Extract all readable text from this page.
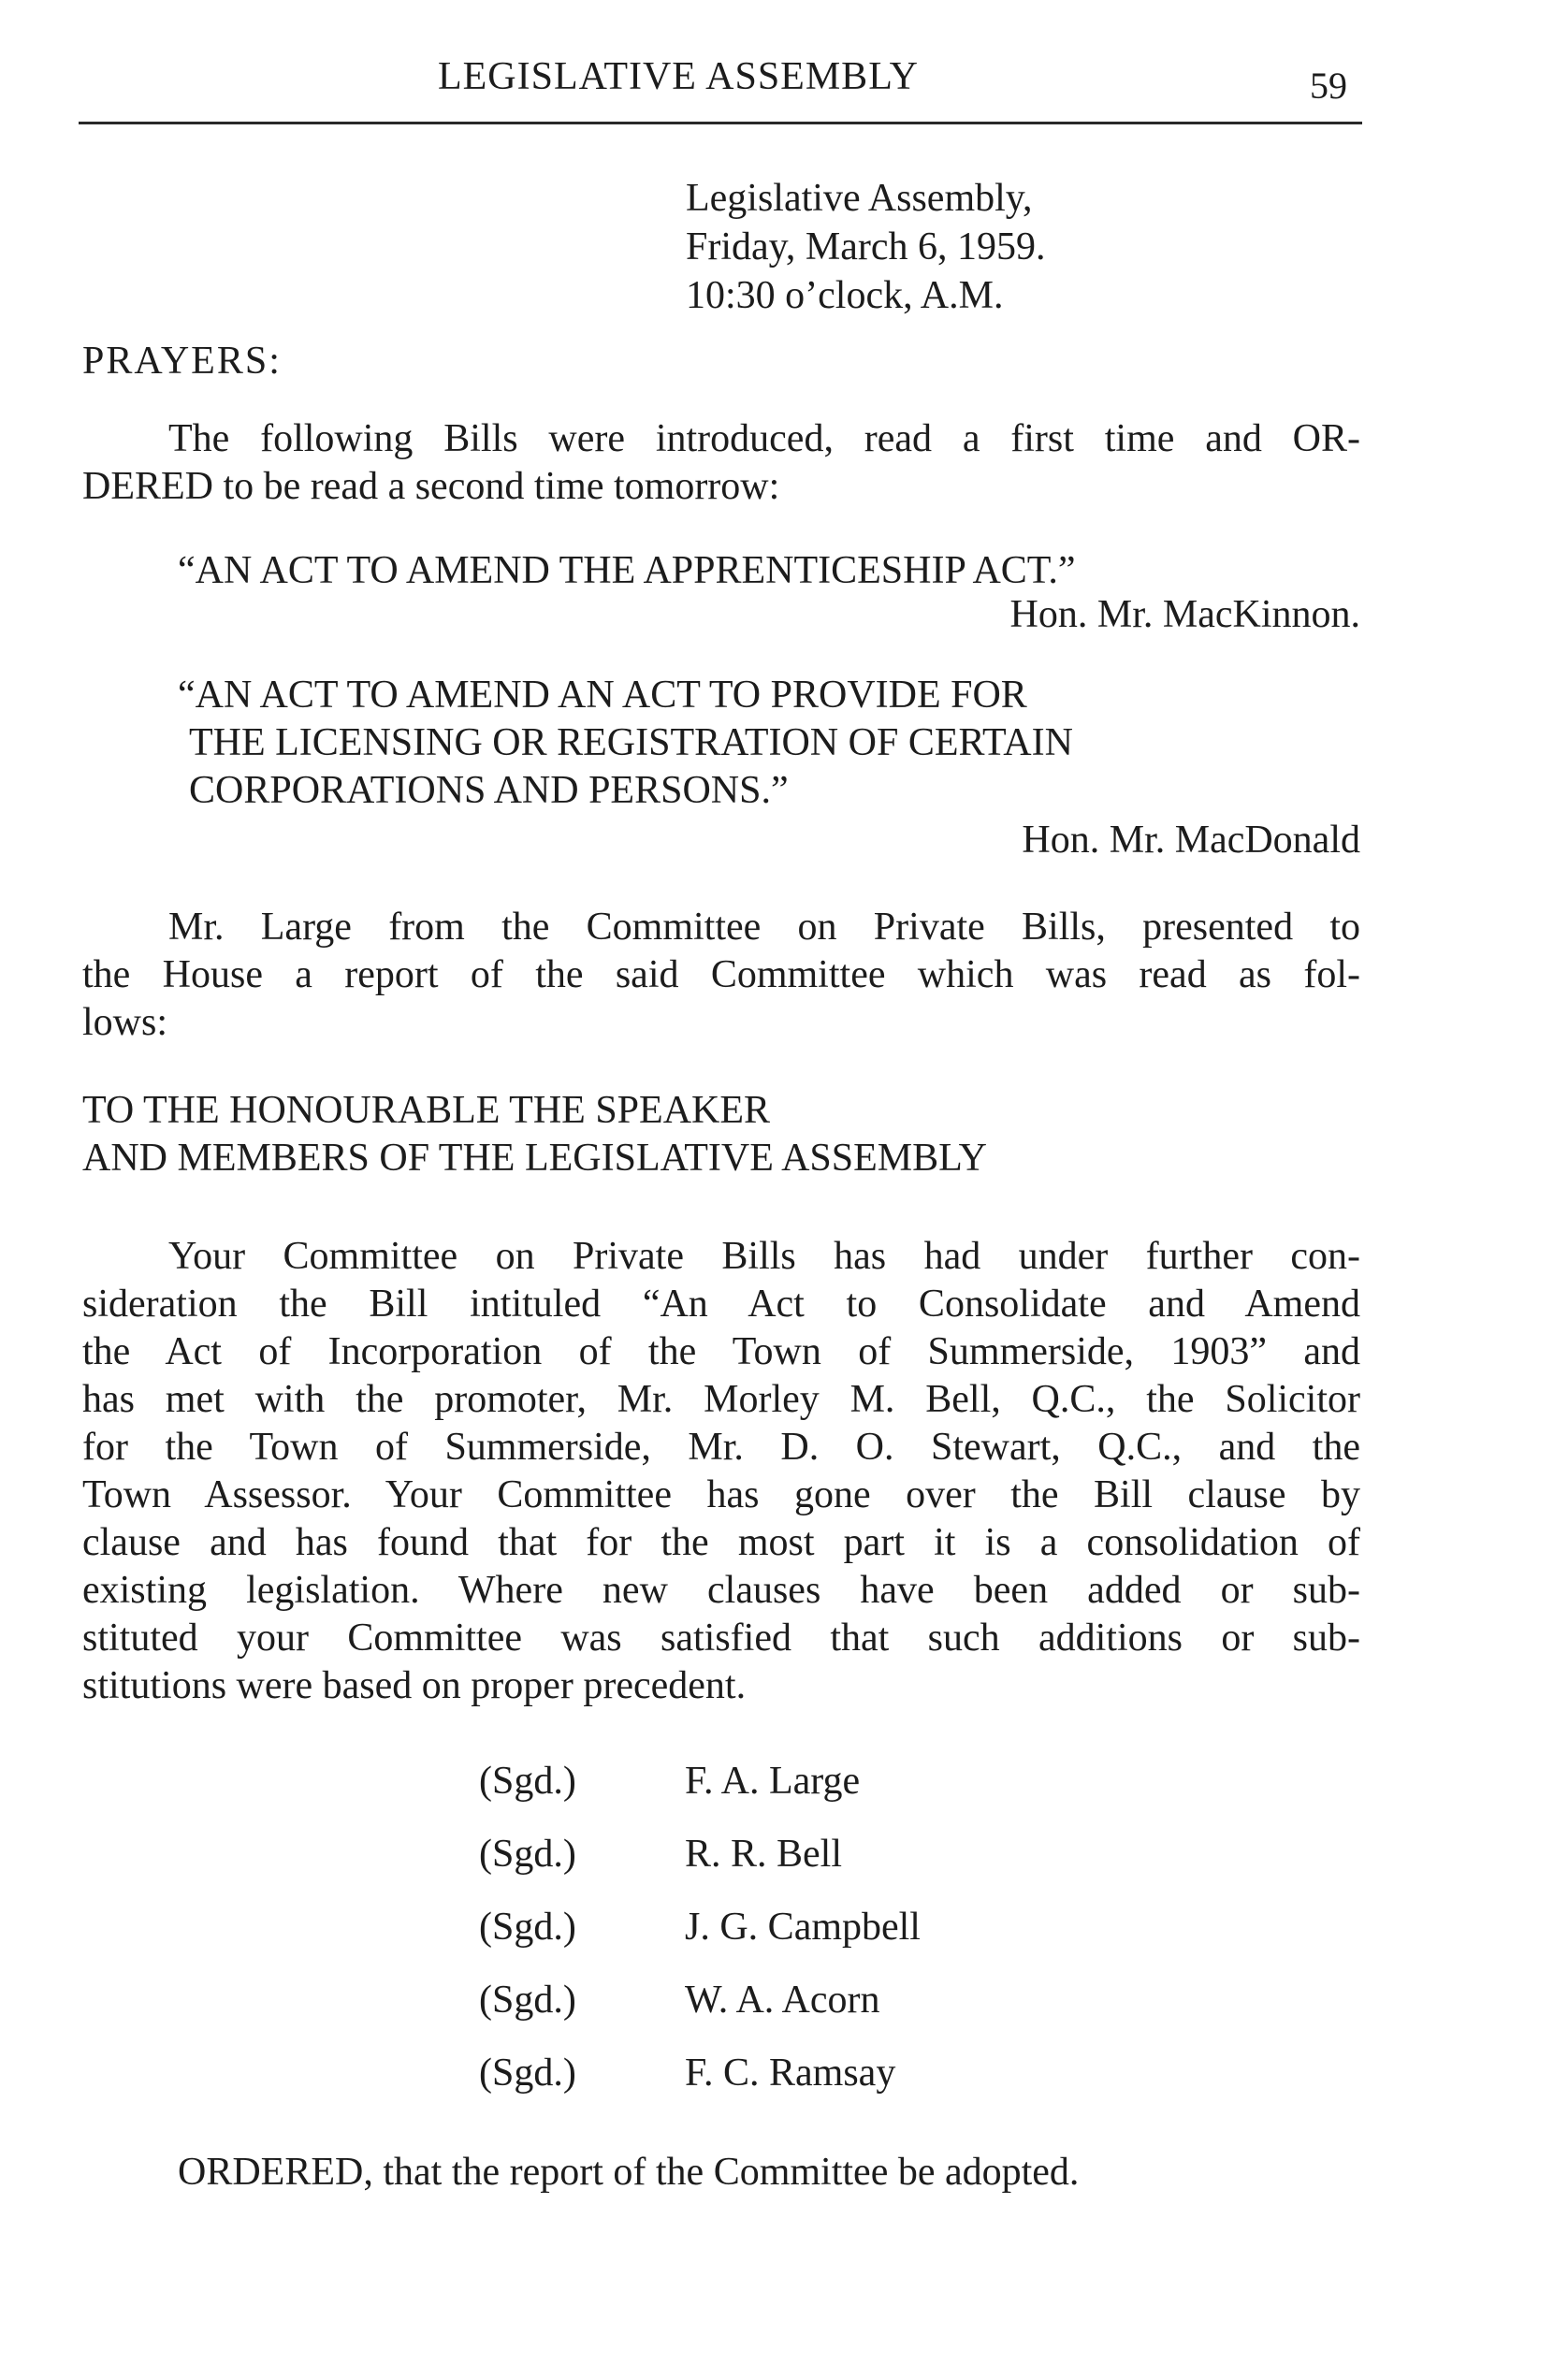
LEGISLATIVE ASSEMBLY	59
Legislative Assembly,
Friday, March 6, 1959.
10:30 o’clock, A.M.
PRAYERS:
The following Bills were introduced, read a first time and OR-
DERED to be read a second time tomorrow:
“AN ACT TO AMEND THE APPRENTICESHIP ACT.”
Hon. Mr. MacKinnon.
“AN ACT TO AMEND AN ACT TO PROVIDE FOR
THE LICENSING OR REGISTRATION OF CERTAIN
CORPORATIONS AND PERSONS.”
Hon. Mr. MacDonald
Mr. Large from the Committee on Private Bills, presented to
the House a report of the said Committee which was read as fol-
lows:
TO THE HONOURABLE THE SPEAKER
AND MEMBERS OF THE LEGISLATIVE ASSEMBLY
Your Committee on Private Bills has had under further con-
sideration the Bill intituled “An Act to Consolidate and Amend
the Act of Incorporation of the Town of Summerside, 1903” and
has met with the promoter, Mr. Morley M. Bell, Q.C., the Solicitor
for the Town of Summerside, Mr. D. O. Stewart, Q.C., and the
Town Assessor. Your Committee has gone over the Bill clause by
clause and has found that for the most part it is a consolidation of
existing legislation. Where new clauses have been added or sub-
stituted your Committee was satisfied that such additions or sub-
stitutions were based on proper precedent.
(Sgd.)	F. A. Large
(Sgd.)	R. R. Bell
(Sgd.)	J. G. Campbell
(Sgd.)	W. A. Acorn
(Sgd.)	F. C. Ramsay
ORDERED, that the report of the Committee be adopted.
